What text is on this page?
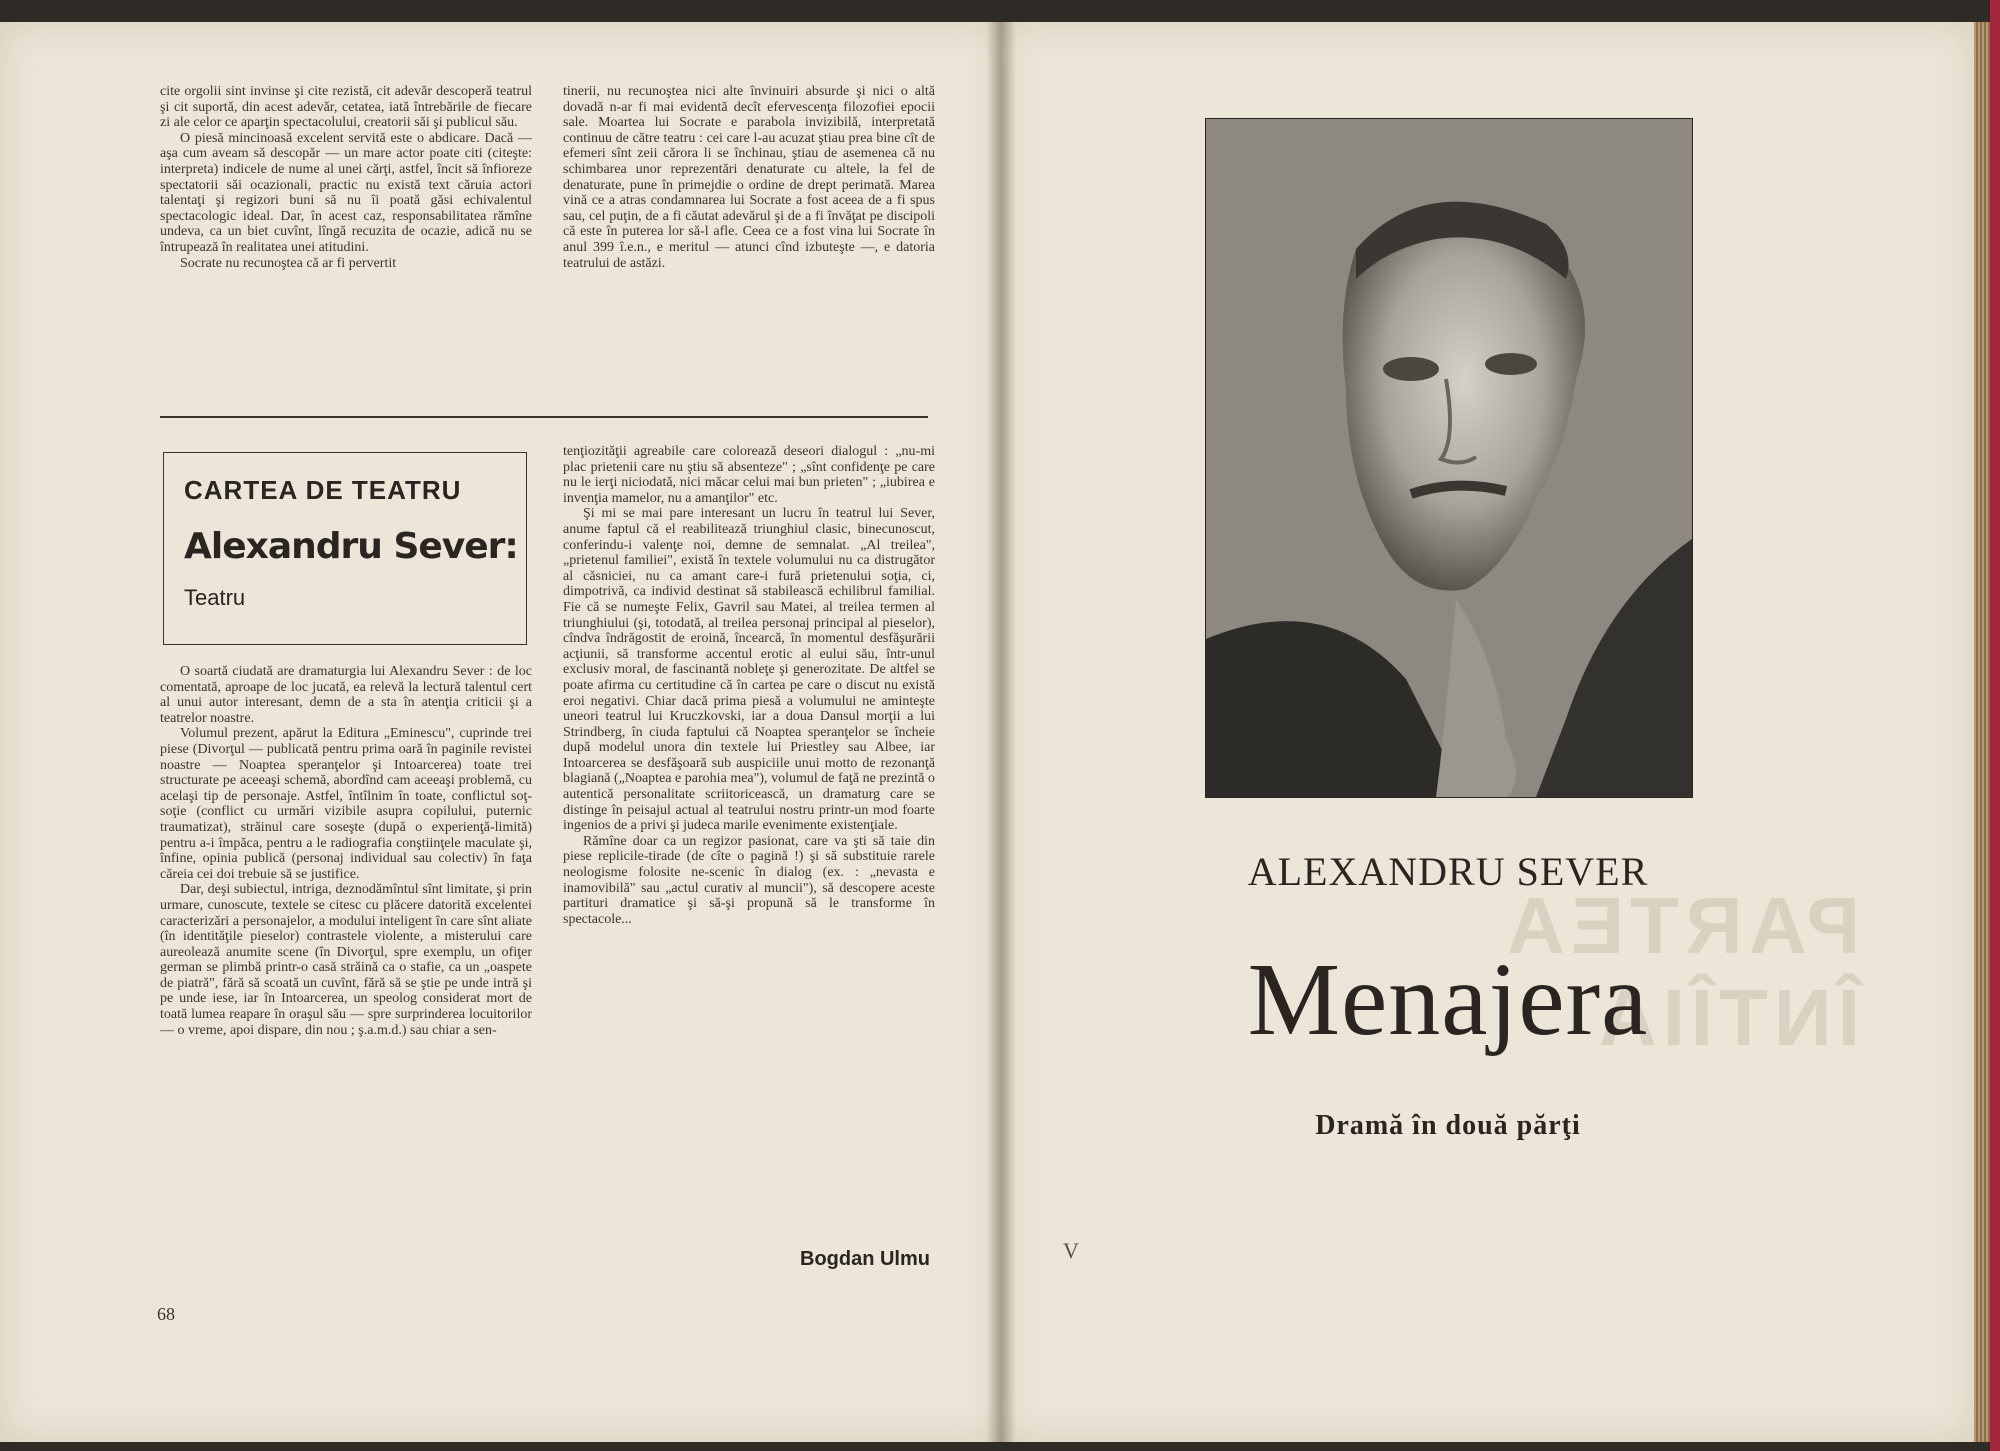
cite orgolii sint invinse şi cite rezistă, cit adevăr descoperă teatrul şi cit suportă, din acest adevăr, cetatea, iată întrebările de fiecare zi ale celor ce aparţin spectacolului, creatorii săi şi publicul său.

O piesă mincinoasă excelent servită este o abdicare. Dacă — aşa cum aveam să descopăr — un mare actor poate citi (citeşte: interpreta) indicele de nume al unei cărţi, astfel, încit să înfioreze spectatorii săi ocazionali, practic nu există text căruia actori talentaţi şi regizori buni să nu îi poată găsi echivalentul spectacologic ideal. Dar, în acest caz, responsabilitatea rămîne undeva, ca un biet cuvînt, lîngă recuzita de ocazie, adică nu se întrupează în realitatea unei atitudini.

Socrate nu recunoştea că ar fi pervertit

tinerii, nu recunoştea nici alte învinuiri absurde şi nici o altă dovadă n-ar fi mai evidentă decît efervescenţa filozofiei epocii sale. Moartea lui Socrate e parabola invizibilă, interpretată continuu de către teatru : cei care l-au acuzat ştiau prea bine cît de efemeri sînt zeii cărora li se închinau, ştiau de asemenea că nu schimbarea unor reprezentări denaturate cu altele, la fel de denaturate, pune în primejdie o ordine de drept perimată. Marea vină ce a atras condamnarea lui Socrate a fost aceea de a fi spus sau, cel puţin, de a fi căutat adevărul şi de a fi învăţat pe discipoli că este în puterea lor să-l afle. Ceea ce a fost vina lui Socrate în anul 399 î.e.n., e meritul — atunci cînd izbuteşte —, e datoria teatrului de astăzi.

CARTEA DE TEATRU
Alexandru Sever:
Teatru

O soartă ciudată are dramaturgia lui Alexandru Sever : de loc comentată, aproape de loc jucată, ea relevă la lectură talentul cert al unui autor interesant, demn de a sta în atenţia criticii şi a teatrelor noastre.

Volumul prezent, apărut la Editura „Eminescu", cuprinde trei piese (Divorţul — publicată pentru prima oară în paginile revistei noastre — Noaptea speranţelor şi Intoarcerea) toate trei structurate pe aceeaşi schemă, abordînd cam aceeaşi problemă, cu acelaşi tip de personaje. Astfel, întîlnim în toate, conflictul soţ-soţie (conflict cu urmări vizibile asupra copilului, puternic traumatizat), străinul care soseşte (după o experienţă-limită) pentru a-i împăca, pentru a le radiografia conştiinţele maculate şi, înfine, opinia publică (personaj individual sau colectiv) în faţa căreia cei doi trebuie să se justifice.

Dar, deşi subiectul, intriga, deznodămîntul sînt limitate, şi prin urmare, cunoscute, textele se citesc cu plăcere datorită excelentei caracterizări a personajelor, a modului inteligent în care sînt aliate (în identităţile pieselor) contrastele violente, a misterului care aureolează anumite scene (în Divorţul, spre exemplu, un ofiţer german se plimbă printr-o casă străină ca o stafie, ca un „oaspete de piatră", fără să scoată un cuvînt, fără să se ştie pe unde intră şi pe unde iese, iar în Intoarcerea, un speolog considerat mort de toată lumea reapare în oraşul său — spre surprinderea locuitorilor — o vreme, apoi dispare, din nou ; ş.a.m.d.) sau chiar a sen-

tenţiozităţii agreabile care colorează deseori dialogul : „nu-mi plac prietenii care nu ştiu să absenteze" ; „sînt confidenţe pe care nu le ierţi niciodată, nici măcar celui mai bun prieten" ; „iubirea e invenţia mamelor, nu a amanţilor" etc.

Şi mi se mai pare interesant un lucru în teatrul lui Sever, anume faptul că el reabilitează triunghiul clasic, binecunoscut, conferindu-i valenţe noi, demne de semnalat. „Al treilea", „prietenul familiei", există în textele volumului nu ca distrugător al căsniciei, nu ca amant care-i fură prietenului soţia, ci, dimpotrivă, ca individ destinat să stabilească echilibrul familial. Fie că se numeşte Felix, Gavril sau Matei, al treilea termen al triunghiului (şi, totodată, al treilea personaj principal al pieselor), cîndva îndrăgostit de eroină, încearcă, în momentul desfăşurării acţiunii, să transforme accentul erotic al eului său, într-unul exclusiv moral, de fascinantă nobleţe şi generozitate. De altfel se poate afirma cu certitudine că în cartea pe care o discut nu există eroi negativi. Chiar dacă prima piesă a volumului ne aminteşte uneori teatrul lui Kruczkovski, iar a doua Dansul morţii a lui Strindberg, în ciuda faptului că Noaptea speranţelor se încheie după modelul unora din textele lui Priestley sau Albee, iar Intoarcerea se desfăşoară sub auspiciile unui motto de rezonanţă blagiană („Noaptea e parohia mea"), volumul de faţă ne prezintă o autentică personalitate scriitoricească, un dramaturg care se distinge în peisajul actual al teatrului nostru printr-un mod foarte ingenios de a privi şi judeca marile evenimente existenţiale.

Rămîne doar ca un regizor pasionat, care va şti să taie din piese replicile-tirade (de cîte o pagină !) şi să substituie rarele neologisme folosite ne-scenic în dialog (ex. : „nevasta e inamovibilă" sau „actul curativ al muncii"), să descopere aceste partituri dramatice şi să-şi propună să le transforme în spectacole...

Bogdan Ulmu
68
PARTEA ÎNTÎIA
ALEXANDRU SEVER
Menajera
Dramă în două părţi
V
